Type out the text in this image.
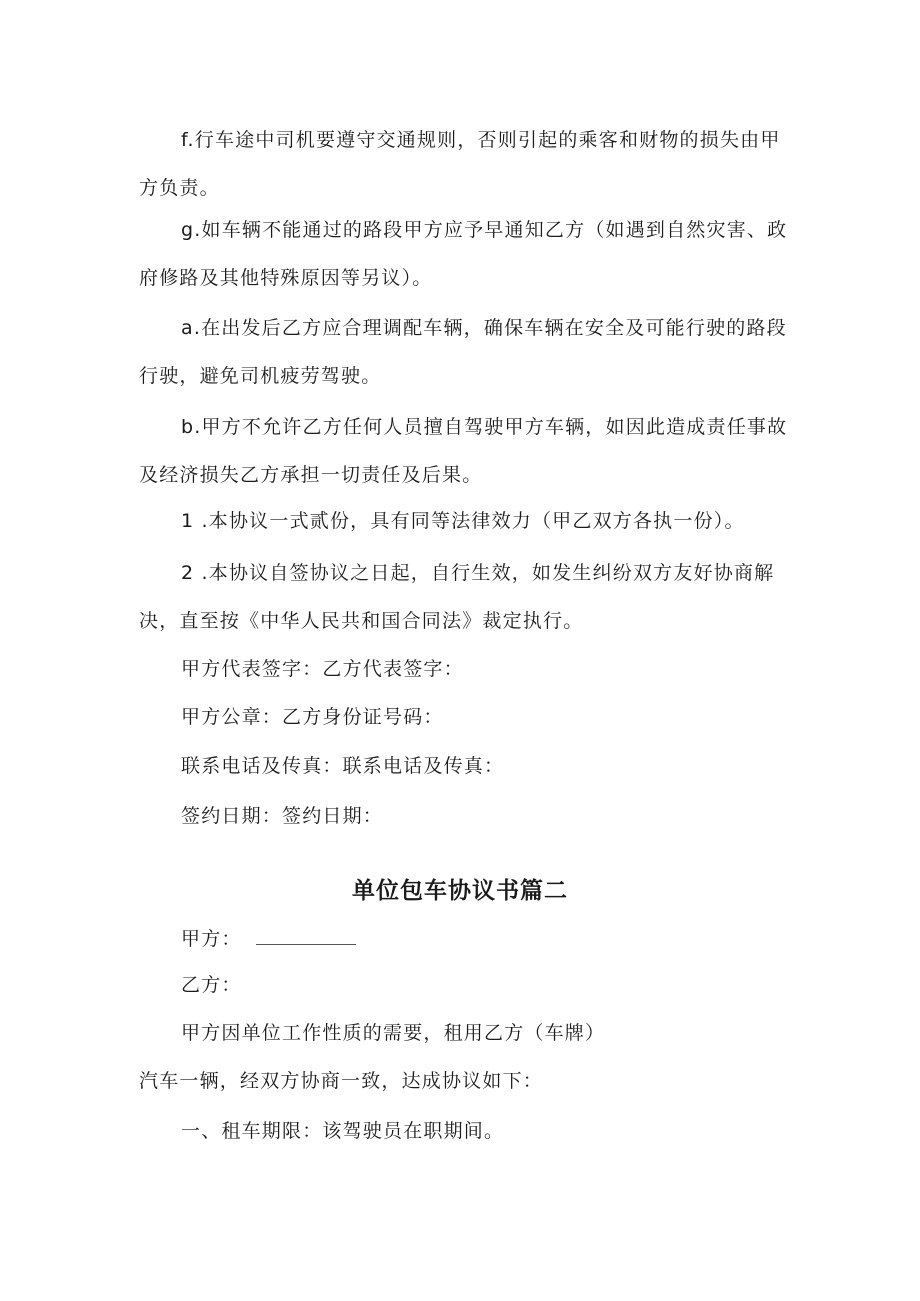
f.行车途中司机要遵守交通规则，否则引起的乘客和财物的损失由甲方负责。

g.如车辆不能通过的路段甲方应予早通知乙方（如遇到自然灾害、政府修路及其他特殊原因等另议）。

a.在出发后乙方应合理调配车辆，确保车辆在安全及可能行驶的路段行驶，避免司机疲劳驾驶。

b.甲方不允许乙方任何人员擅自驾驶甲方车辆，如因此造成责任事故及经济损失乙方承担一切责任及后果。

1 .本协议一式贰份，具有同等法律效力（甲乙双方各执一份）。

2 .本协议自签协议之日起，自行生效，如发生纠纷双方友好协商解决，直至按《中华人民共和国合同法》裁定执行。

甲方代表签字：乙方代表签字：

甲方公章：乙方身份证号码：

联系电话及传真：联系电话及传真：

签约日期：签约日期：

单位包车协议书篇二

甲方：

乙方：

甲方因单位工作性质的需要，租用乙方（车牌）

汽车一辆，经双方协商一致，达成协议如下：

一、租车期限：该驾驶员在职期间。
